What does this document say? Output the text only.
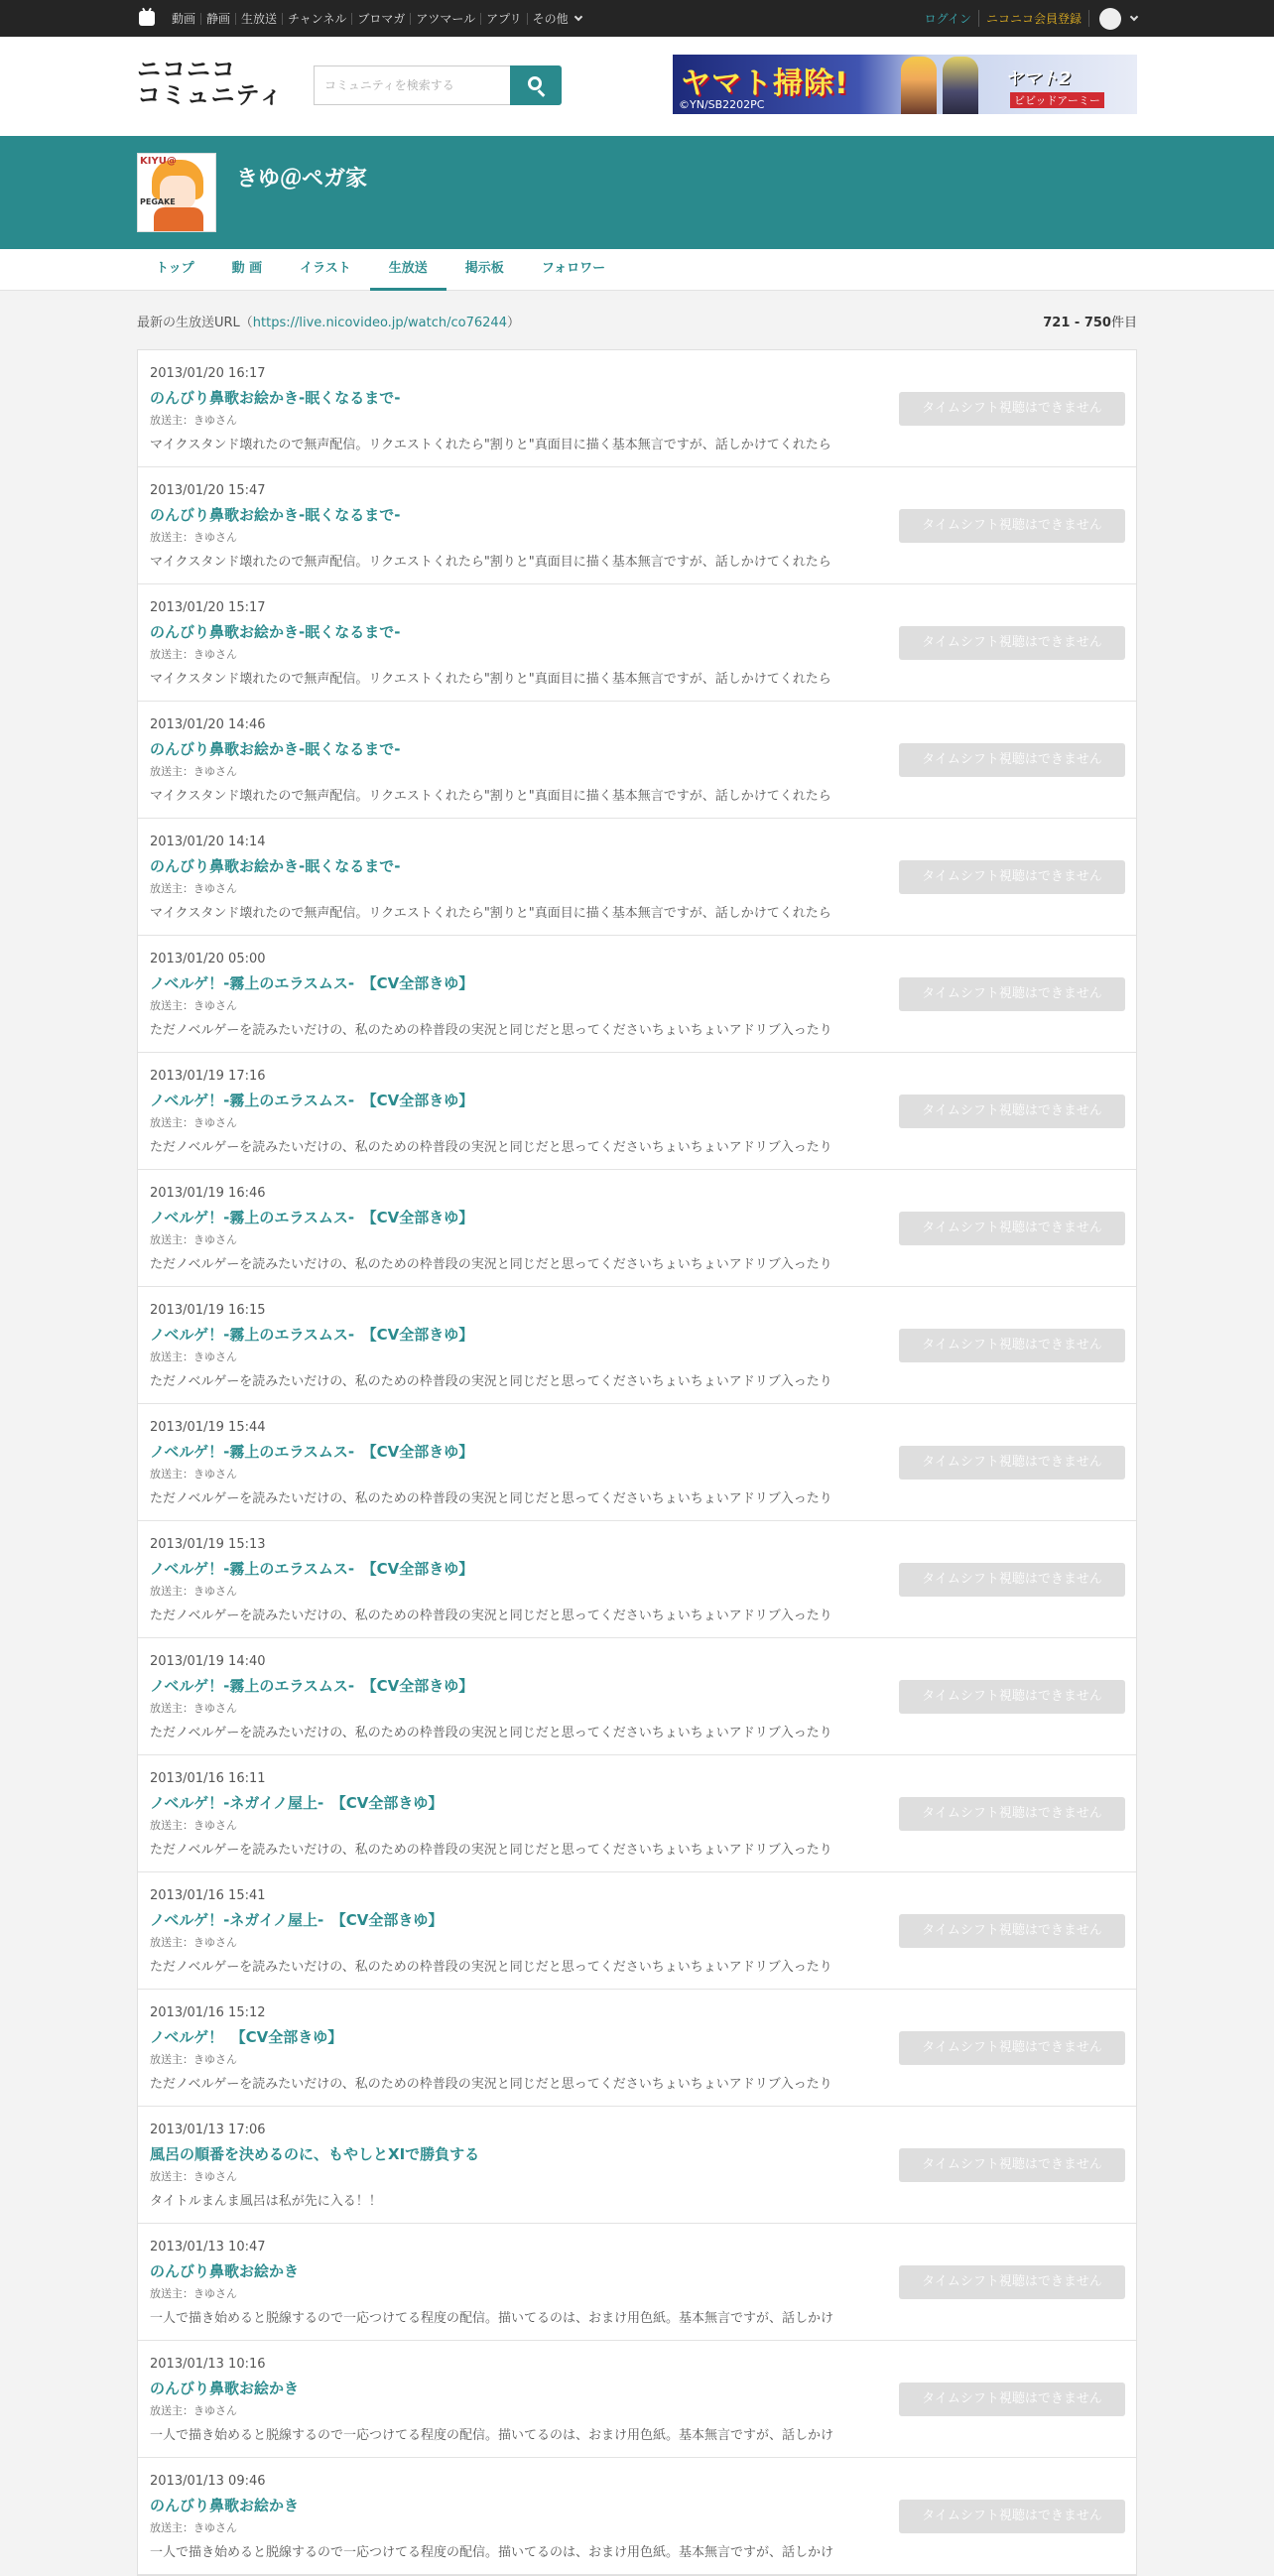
動画 静画 生放送 チャンネル ブロマガ アツマール アプリ その他	ログイン	ニコニコ会員登録
ニコニコ
コミュニティ	コミュニティを検索する	ヤマト掃除!
©YN/SB2202PC
ヤマト2
ビビッドアーミー
KIYU@
PEGAKE
きゆ＠ペガ家
トップ	動 画	イラスト	生放送	掲示板	フォロワー
最新の生放送URL（https://live.nicovideo.jp/watch/co76244）	721 - 750件目
2013/01/20 16:17
のんびり鼻歌お絵かき-眠くなるまで-
放送主：きゆさん
マイクスタンド壊れたので無声配信。リクエストくれたら"割りと"真面目に描く基本無言ですが、話しかけてくれたら
タイムシフト視聴はできません
2013/01/20 15:47
のんびり鼻歌お絵かき-眠くなるまで-
放送主：きゆさん
マイクスタンド壊れたので無声配信。リクエストくれたら"割りと"真面目に描く基本無言ですが、話しかけてくれたら
タイムシフト視聴はできません
2013/01/20 15:17
のんびり鼻歌お絵かき-眠くなるまで-
放送主：きゆさん
マイクスタンド壊れたので無声配信。リクエストくれたら"割りと"真面目に描く基本無言ですが、話しかけてくれたら
タイムシフト視聴はできません
2013/01/20 14:46
のんびり鼻歌お絵かき-眠くなるまで-
放送主：きゆさん
マイクスタンド壊れたので無声配信。リクエストくれたら"割りと"真面目に描く基本無言ですが、話しかけてくれたら
タイムシフト視聴はできません
2013/01/20 14:14
のんびり鼻歌お絵かき-眠くなるまで-
放送主：きゆさん
マイクスタンド壊れたので無声配信。リクエストくれたら"割りと"真面目に描く基本無言ですが、話しかけてくれたら
タイムシフト視聴はできません
2013/01/20 05:00
ノベルゲ！-霧上のエラスムス-　【CV全部きゆ】
放送主：きゆさん
ただノベルゲーを読みたいだけの、私のための枠普段の実況と同じだと思ってくださいちょいちょいアドリブ入ったり
タイムシフト視聴はできません
2013/01/19 17:16
ノベルゲ！-霧上のエラスムス-　【CV全部きゆ】
放送主：きゆさん
ただノベルゲーを読みたいだけの、私のための枠普段の実況と同じだと思ってくださいちょいちょいアドリブ入ったり
タイムシフト視聴はできません
2013/01/19 16:46
ノベルゲ！-霧上のエラスムス-　【CV全部きゆ】
放送主：きゆさん
ただノベルゲーを読みたいだけの、私のための枠普段の実況と同じだと思ってくださいちょいちょいアドリブ入ったり
タイムシフト視聴はできません
2013/01/19 16:15
ノベルゲ！-霧上のエラスムス-　【CV全部きゆ】
放送主：きゆさん
ただノベルゲーを読みたいだけの、私のための枠普段の実況と同じだと思ってくださいちょいちょいアドリブ入ったり
タイムシフト視聴はできません
2013/01/19 15:44
ノベルゲ！-霧上のエラスムス-　【CV全部きゆ】
放送主：きゆさん
ただノベルゲーを読みたいだけの、私のための枠普段の実況と同じだと思ってくださいちょいちょいアドリブ入ったり
タイムシフト視聴はできません
2013/01/19 15:13
ノベルゲ！-霧上のエラスムス-　【CV全部きゆ】
放送主：きゆさん
ただノベルゲーを読みたいだけの、私のための枠普段の実況と同じだと思ってくださいちょいちょいアドリブ入ったり
タイムシフト視聴はできません
2013/01/19 14:40
ノベルゲ！-霧上のエラスムス-　【CV全部きゆ】
放送主：きゆさん
ただノベルゲーを読みたいだけの、私のための枠普段の実況と同じだと思ってくださいちょいちょいアドリブ入ったり
タイムシフト視聴はできません
2013/01/16 16:11
ノベルゲ！-ネガイノ屋上-　【CV全部きゆ】
放送主：きゆさん
ただノベルゲーを読みたいだけの、私のための枠普段の実況と同じだと思ってくださいちょいちょいアドリブ入ったり
タイムシフト視聴はできません
2013/01/16 15:41
ノベルゲ！-ネガイノ屋上-　【CV全部きゆ】
放送主：きゆさん
ただノベルゲーを読みたいだけの、私のための枠普段の実況と同じだと思ってくださいちょいちょいアドリブ入ったり
タイムシフト視聴はできません
2013/01/16 15:12
ノベルゲ！　【CV全部きゆ】
放送主：きゆさん
ただノベルゲーを読みたいだけの、私のための枠普段の実況と同じだと思ってくださいちょいちょいアドリブ入ったり
タイムシフト視聴はできません
2013/01/13 17:06
風呂の順番を決めるのに、もやしとXIで勝負する
放送主：きゆさん
タイトルまんま風呂は私が先に入る！！
タイムシフト視聴はできません
2013/01/13 10:47
のんびり鼻歌お絵かき
放送主：きゆさん
一人で描き始めると脱線するので一応つけてる程度の配信。描いてるのは、おまけ用色紙。基本無言ですが、話しかけ
タイムシフト視聴はできません
2013/01/13 10:16
のんびり鼻歌お絵かき
放送主：きゆさん
一人で描き始めると脱線するので一応つけてる程度の配信。描いてるのは、おまけ用色紙。基本無言ですが、話しかけ
タイムシフト視聴はできません
2013/01/13 09:46
のんびり鼻歌お絵かき
放送主：きゆさん
一人で描き始めると脱線するので一応つけてる程度の配信。描いてるのは、おまけ用色紙。基本無言ですが、話しかけ
タイムシフト視聴はできません
